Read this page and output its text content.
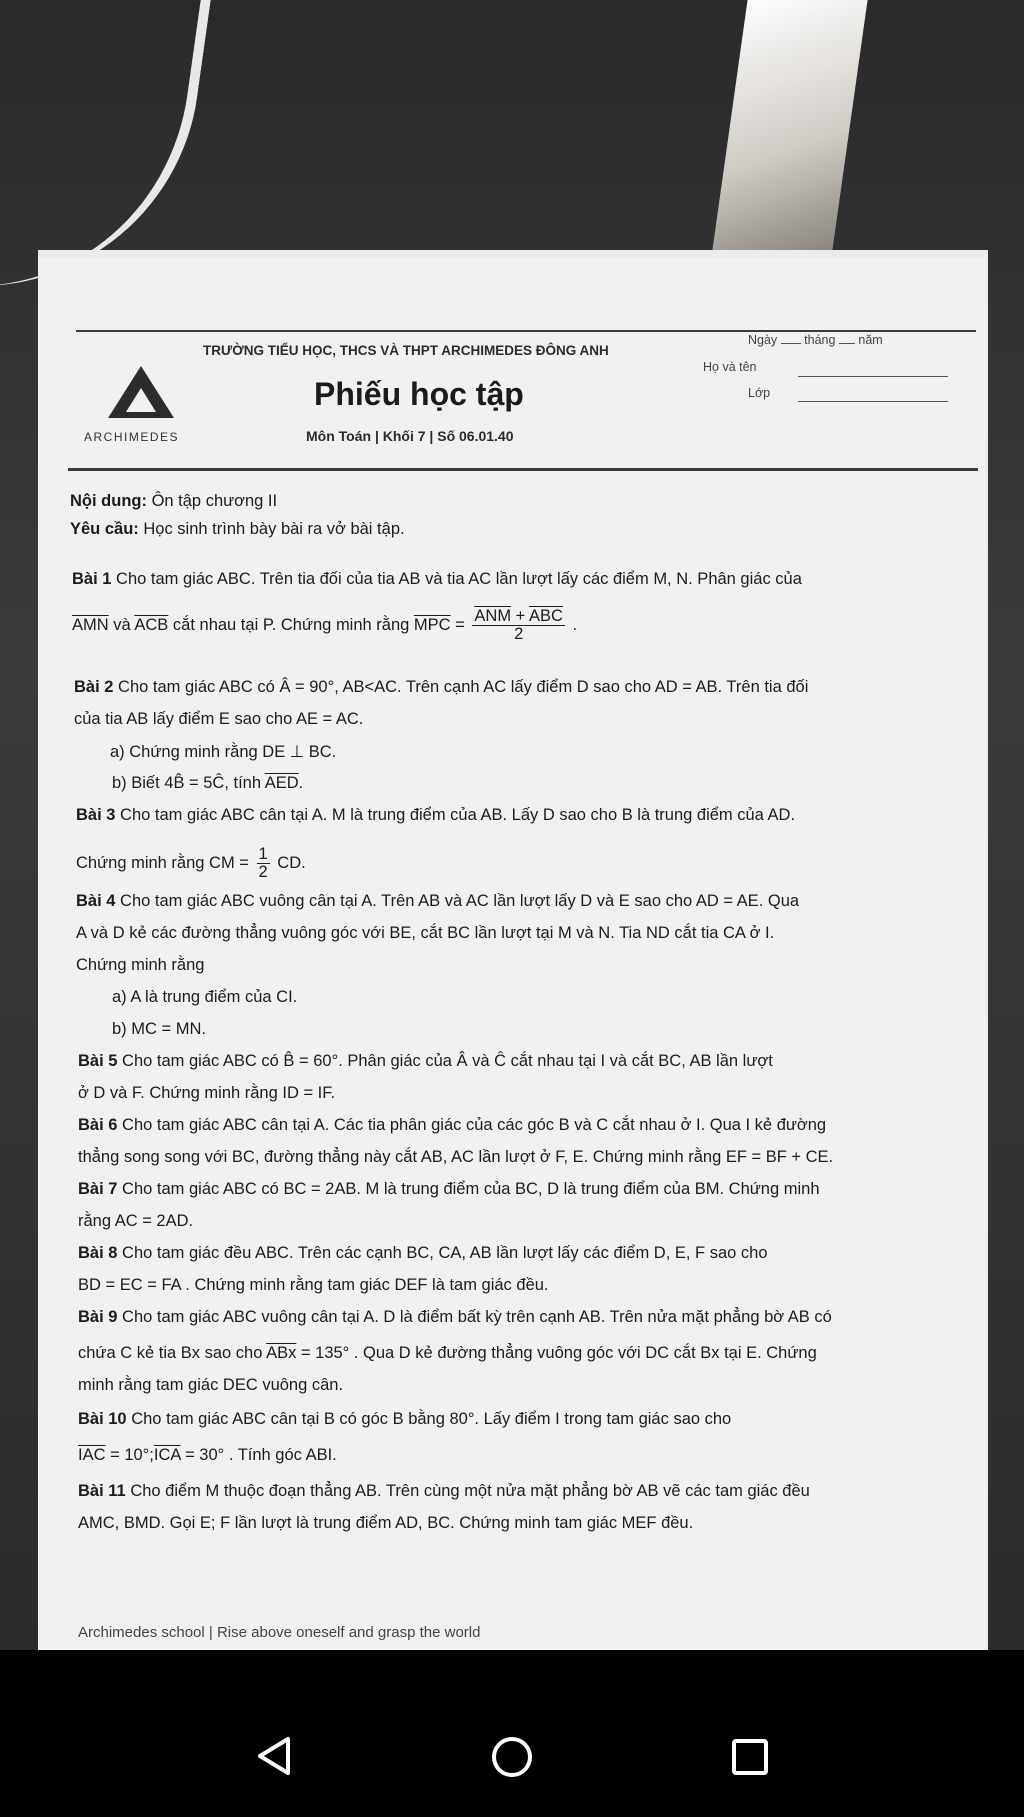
TRƯỜNG TIỂU HỌC, THCS VÀ THPT ARCHIMEDES ĐÔNG ANH
ARCHIMEDES
Phiếu học tập
Môn Toán | Khối 7 | Số 06.01.40
Ngày tháng năm
Họ và tên
Lớp
Nội dung: Ôn tập chương II
Yêu cầu: Học sinh trình bày bài ra vở bài tập.
Bài 1 Cho tam giác ABC. Trên tia đối của tia AB và tia AC lần lượt lấy các điểm M, N. Phân giác của
$\overline{AMN}$ và $\overline{ACB}$ cắt nhau tại P. Chứng minh rằng $\overline{MPC} = \frac{\overline{ANM} + \overline{ABC}}{2}$ .
Bài 2 Cho tam giác ABC có Â = 90°, AB<AC. Trên cạnh AC lấy điểm D sao cho AD = AB. Trên tia đối
của tia AB lấy điểm E sao cho AE = AC.
a) Chứng minh rằng DE ⊥ BC.
b) Biết 4B̂ = 5Ĉ, tính $\overline{AED}$.
Bài 3 Cho tam giác ABC cân tại A. M là trung điểm của AB. Lấy D sao cho B là trung điểm của AD.
Chứng minh rằng CM = $\frac{1}{2}$ CD.
Bài 4 Cho tam giác ABC vuông cân tại A. Trên AB và AC lần lượt lấy D và E sao cho AD = AE. Qua
A và D kẻ các đường thẳng vuông góc với BE, cắt BC lần lượt tại M và N. Tia ND cắt tia CA ở I.
Chứng minh rằng
a) A là trung điểm của CI.
b) MC = MN.
Bài 5 Cho tam giác ABC có B̂ = 60°. Phân giác của Â và Ĉ cắt nhau tại I và cắt BC, AB lần lượt
ở D và F. Chứng minh rằng ID = IF.
Bài 6 Cho tam giác ABC cân tại A. Các tia phân giác của các góc B và C cắt nhau ở I. Qua I kẻ đường
thẳng song song với BC, đường thẳng này cắt AB, AC lần lượt ở F, E. Chứng minh rằng EF = BF + CE.
Bài 7 Cho tam giác ABC có BC = 2AB. M là trung điểm của BC, D là trung điểm của BM. Chứng minh
rằng AC = 2AD.
Bài 8 Cho tam giác đều ABC. Trên các cạnh BC, CA, AB lần lượt lấy các điểm D, E, F sao cho
BD = EC = FA . Chứng minh rằng tam giác DEF là tam giác đều.
Bài 9 Cho tam giác ABC vuông cân tại A. D là điểm bất kỳ trên cạnh AB. Trên nửa mặt phẳng bờ AB có
chứa C kẻ tia Bx sao cho $\overline{ABx} = 135^\circ$ . Qua D kẻ đường thẳng vuông góc với DC cắt Bx tại E. Chứng
minh rằng tam giác DEC vuông cân.
Bài 10 Cho tam giác ABC cân tại B có góc B bằng 80°. Lấy điểm I trong tam giác sao cho
$\overline{IAC}$ = $10^\circ;\overline{ICA} = 30^\circ$ . Tính góc ABI.
Bài 11 Cho điểm M thuộc đoạn thẳng AB. Trên cùng một nửa mặt phẳng bờ AB vẽ các tam giác đều
AMC, BMD. Gọi E; F lần lượt là trung điểm AD, BC. Chứng minh tam giác MEF đều.
Archimedes school | Rise above oneself and grasp the world
